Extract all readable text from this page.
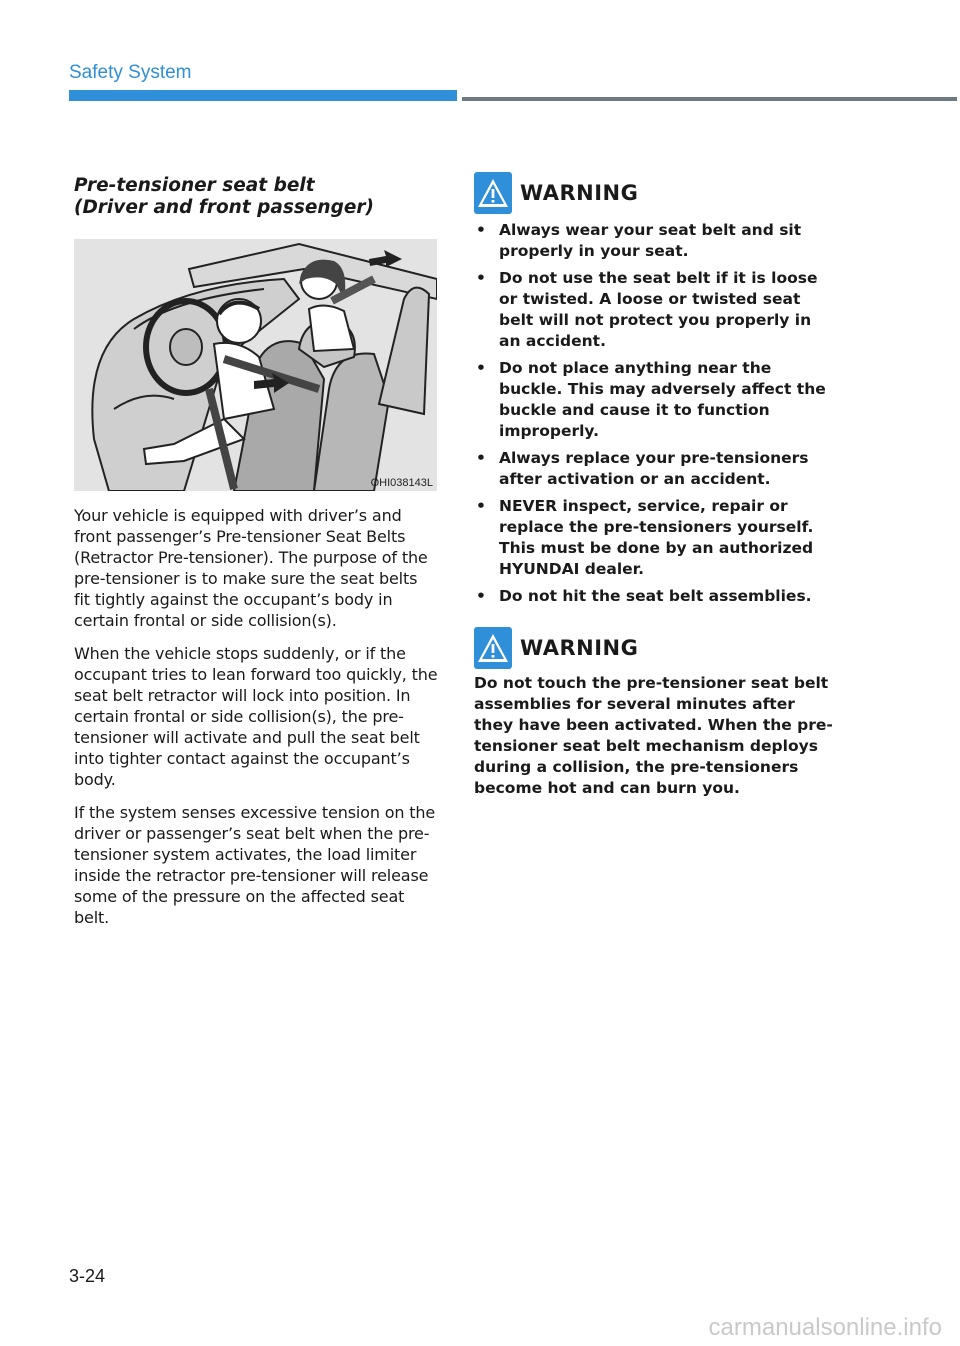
Safety System
Pre-tensioner seat belt
(Driver and front passenger)
OHI038143L

Your vehicle is equipped with driver’s and front passenger’s Pre-tensioner Seat Belts (Retractor Pre-tensioner). The purpose of the pre-tensioner is to make sure the seat belts fit tightly against the occupant’s body in certain frontal or side collision(s).

When the vehicle stops suddenly, or if the occupant tries to lean forward too quickly, the seat belt retractor will lock into position. In certain frontal or side collision(s), the pre-tensioner will activate and pull the seat belt into tighter contact against the occupant’s body.

If the system senses excessive tension on the driver or passenger’s seat belt when the pre-tensioner system activates, the load limiter inside the retractor pre-tensioner will release some of the pressure on the affected seat belt.

WARNING
• Always wear your seat belt and sit properly in your seat.
• Do not use the seat belt if it is loose or twisted. A loose or twisted seat belt will not protect you properly in an accident.
• Do not place anything near the buckle. This may adversely affect the buckle and cause it to function improperly.
• Always replace your pre-tensioners after activation or an accident.
• NEVER inspect, service, repair or replace the pre-tensioners yourself. This must be done by an authorized HYUNDAI dealer.
• Do not hit the seat belt assemblies.
WARNING

Do not touch the pre-tensioner seat belt assemblies for several minutes after they have been activated. When the pre-tensioner seat belt mechanism deploys during a collision, the pre-tensioners become hot and can burn you.

3-24
carmanualsonline.info
